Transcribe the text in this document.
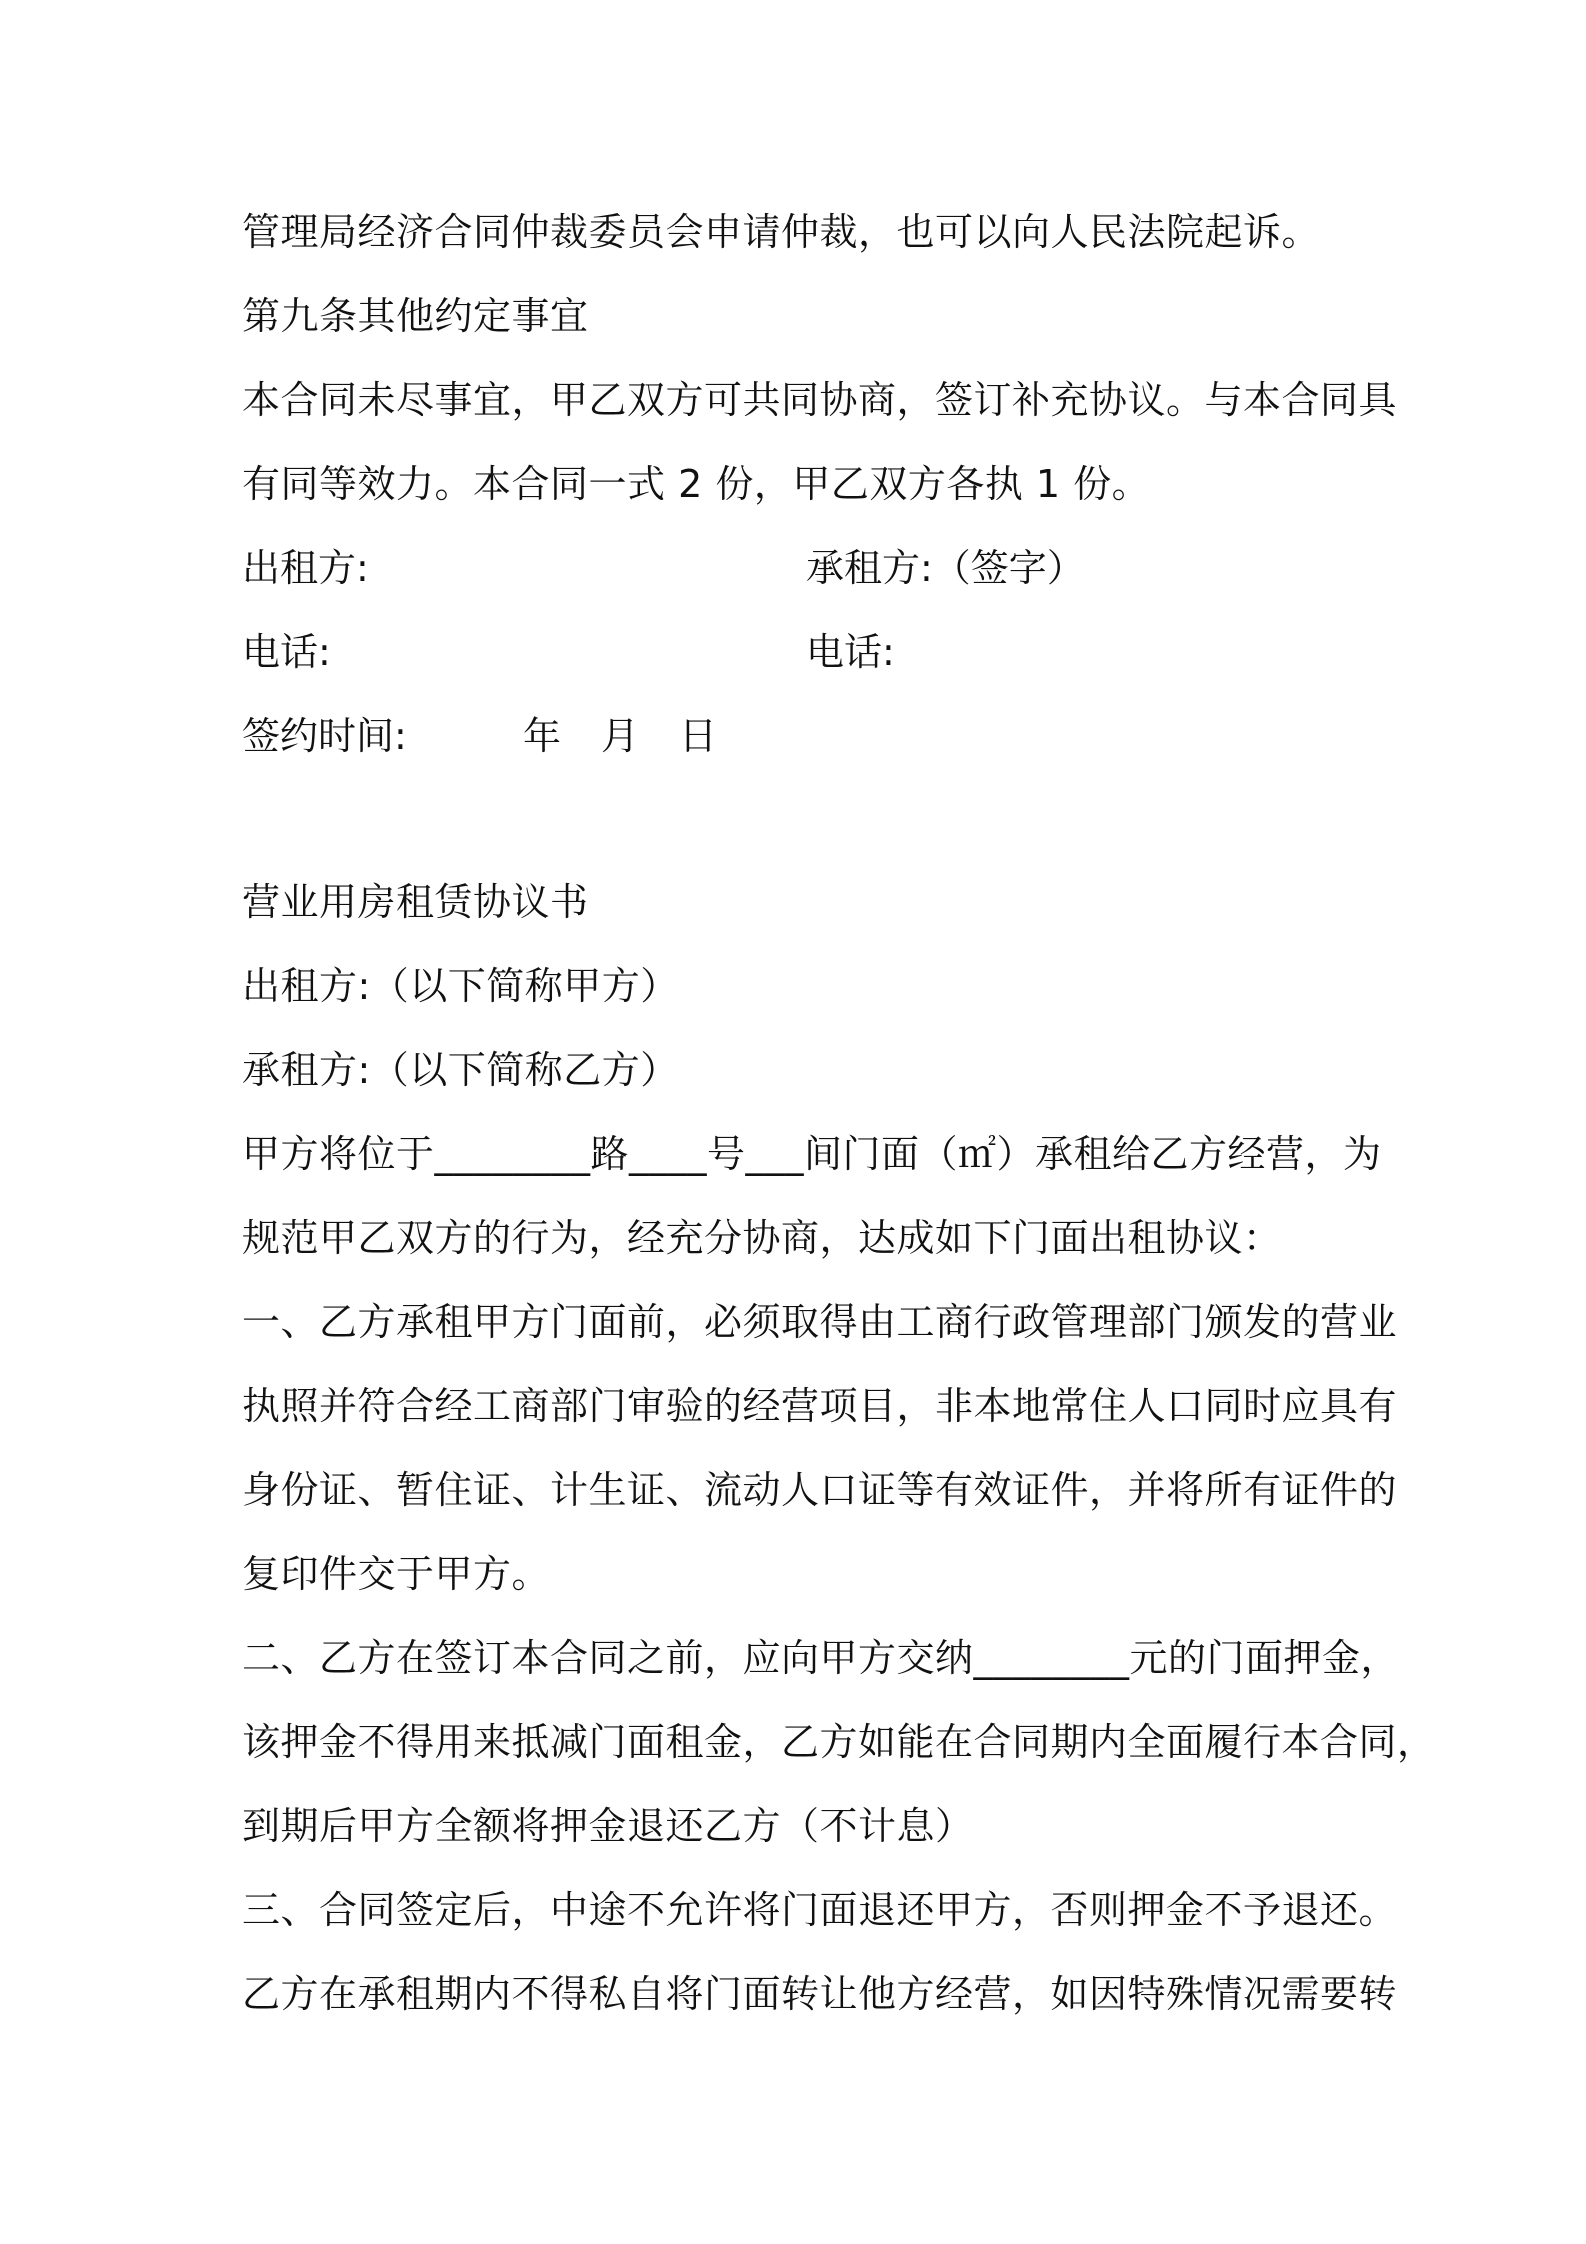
管理局经济合同仲裁委员会申请仲裁，也可以向人民法院起诉。
第九条其他约定事宜
本合同未尽事宜，甲乙双方可共同协商，签订补充协议。与本合同具
有同等效力。本合同一式 2 份，甲乙双方各执 1 份。
出租方:	承租方:（签字）
电话:	电话:
签约时间:	年 月 日
营业用房租赁协议书
出租方:（以下简称甲方）
承租方:（以下简称乙方）
甲方将位于________路____号___间门面（㎡）承租给乙方经营，为
规范甲乙双方的行为，经充分协商，达成如下门面出租协议：
一、乙方承租甲方门面前，必须取得由工商行政管理部门颁发的营业
执照并符合经工商部门审验的经营项目，非本地常住人口同时应具有
身份证、暂住证、计生证、流动人口证等有效证件，并将所有证件的
复印件交于甲方。
二、乙方在签订本合同之前，应向甲方交纳________元的门面押金，
该押金不得用来抵减门面租金，乙方如能在合同期内全面履行本合同，
到期后甲方全额将押金退还乙方（不计息）
三、合同签定后，中途不允许将门面退还甲方，否则押金不予退还。
乙方在承租期内不得私自将门面转让他方经营，如因特殊情况需要转
